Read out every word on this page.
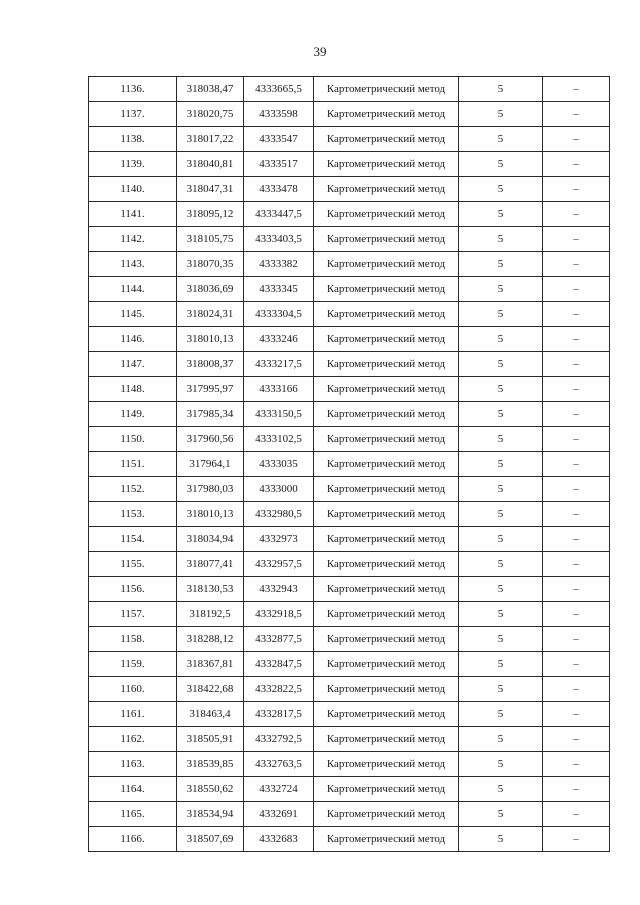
39
1136.	318038,47	4333665,5	Картометрический метод	5	–
1137.	318020,75	4333598	Картометрический метод	5	–
1138.	318017,22	4333547	Картометрический метод	5	–
1139.	318040,81	4333517	Картометрический метод	5	–
1140.	318047,31	4333478	Картометрический метод	5	–
1141.	318095,12	4333447,5	Картометрический метод	5	–
1142.	318105,75	4333403,5	Картометрический метод	5	–
1143.	318070,35	4333382	Картометрический метод	5	–
1144.	318036,69	4333345	Картометрический метод	5	–
1145.	318024,31	4333304,5	Картометрический метод	5	–
1146.	318010,13	4333246	Картометрический метод	5	–
1147.	318008,37	4333217,5	Картометрический метод	5	–
1148.	317995,97	4333166	Картометрический метод	5	–
1149.	317985,34	4333150,5	Картометрический метод	5	–
1150.	317960,56	4333102,5	Картометрический метод	5	–
1151.	317964,1	4333035	Картометрический метод	5	–
1152.	317980,03	4333000	Картометрический метод	5	–
1153.	318010,13	4332980,5	Картометрический метод	5	–
1154.	318034,94	4332973	Картометрический метод	5	–
1155.	318077,41	4332957,5	Картометрический метод	5	–
1156.	318130,53	4332943	Картометрический метод	5	–
1157.	318192,5	4332918,5	Картометрический метод	5	–
1158.	318288,12	4332877,5	Картометрический метод	5	–
1159.	318367,81	4332847,5	Картометрический метод	5	–
1160.	318422,68	4332822,5	Картометрический метод	5	–
1161.	318463,4	4332817,5	Картометрический метод	5	–
1162.	318505,91	4332792,5	Картометрический метод	5	–
1163.	318539,85	4332763,5	Картометрический метод	5	–
1164.	318550,62	4332724	Картометрический метод	5	–
1165.	318534,94	4332691	Картометрический метод	5	–
1166.	318507,69	4332683	Картометрический метод	5	–
